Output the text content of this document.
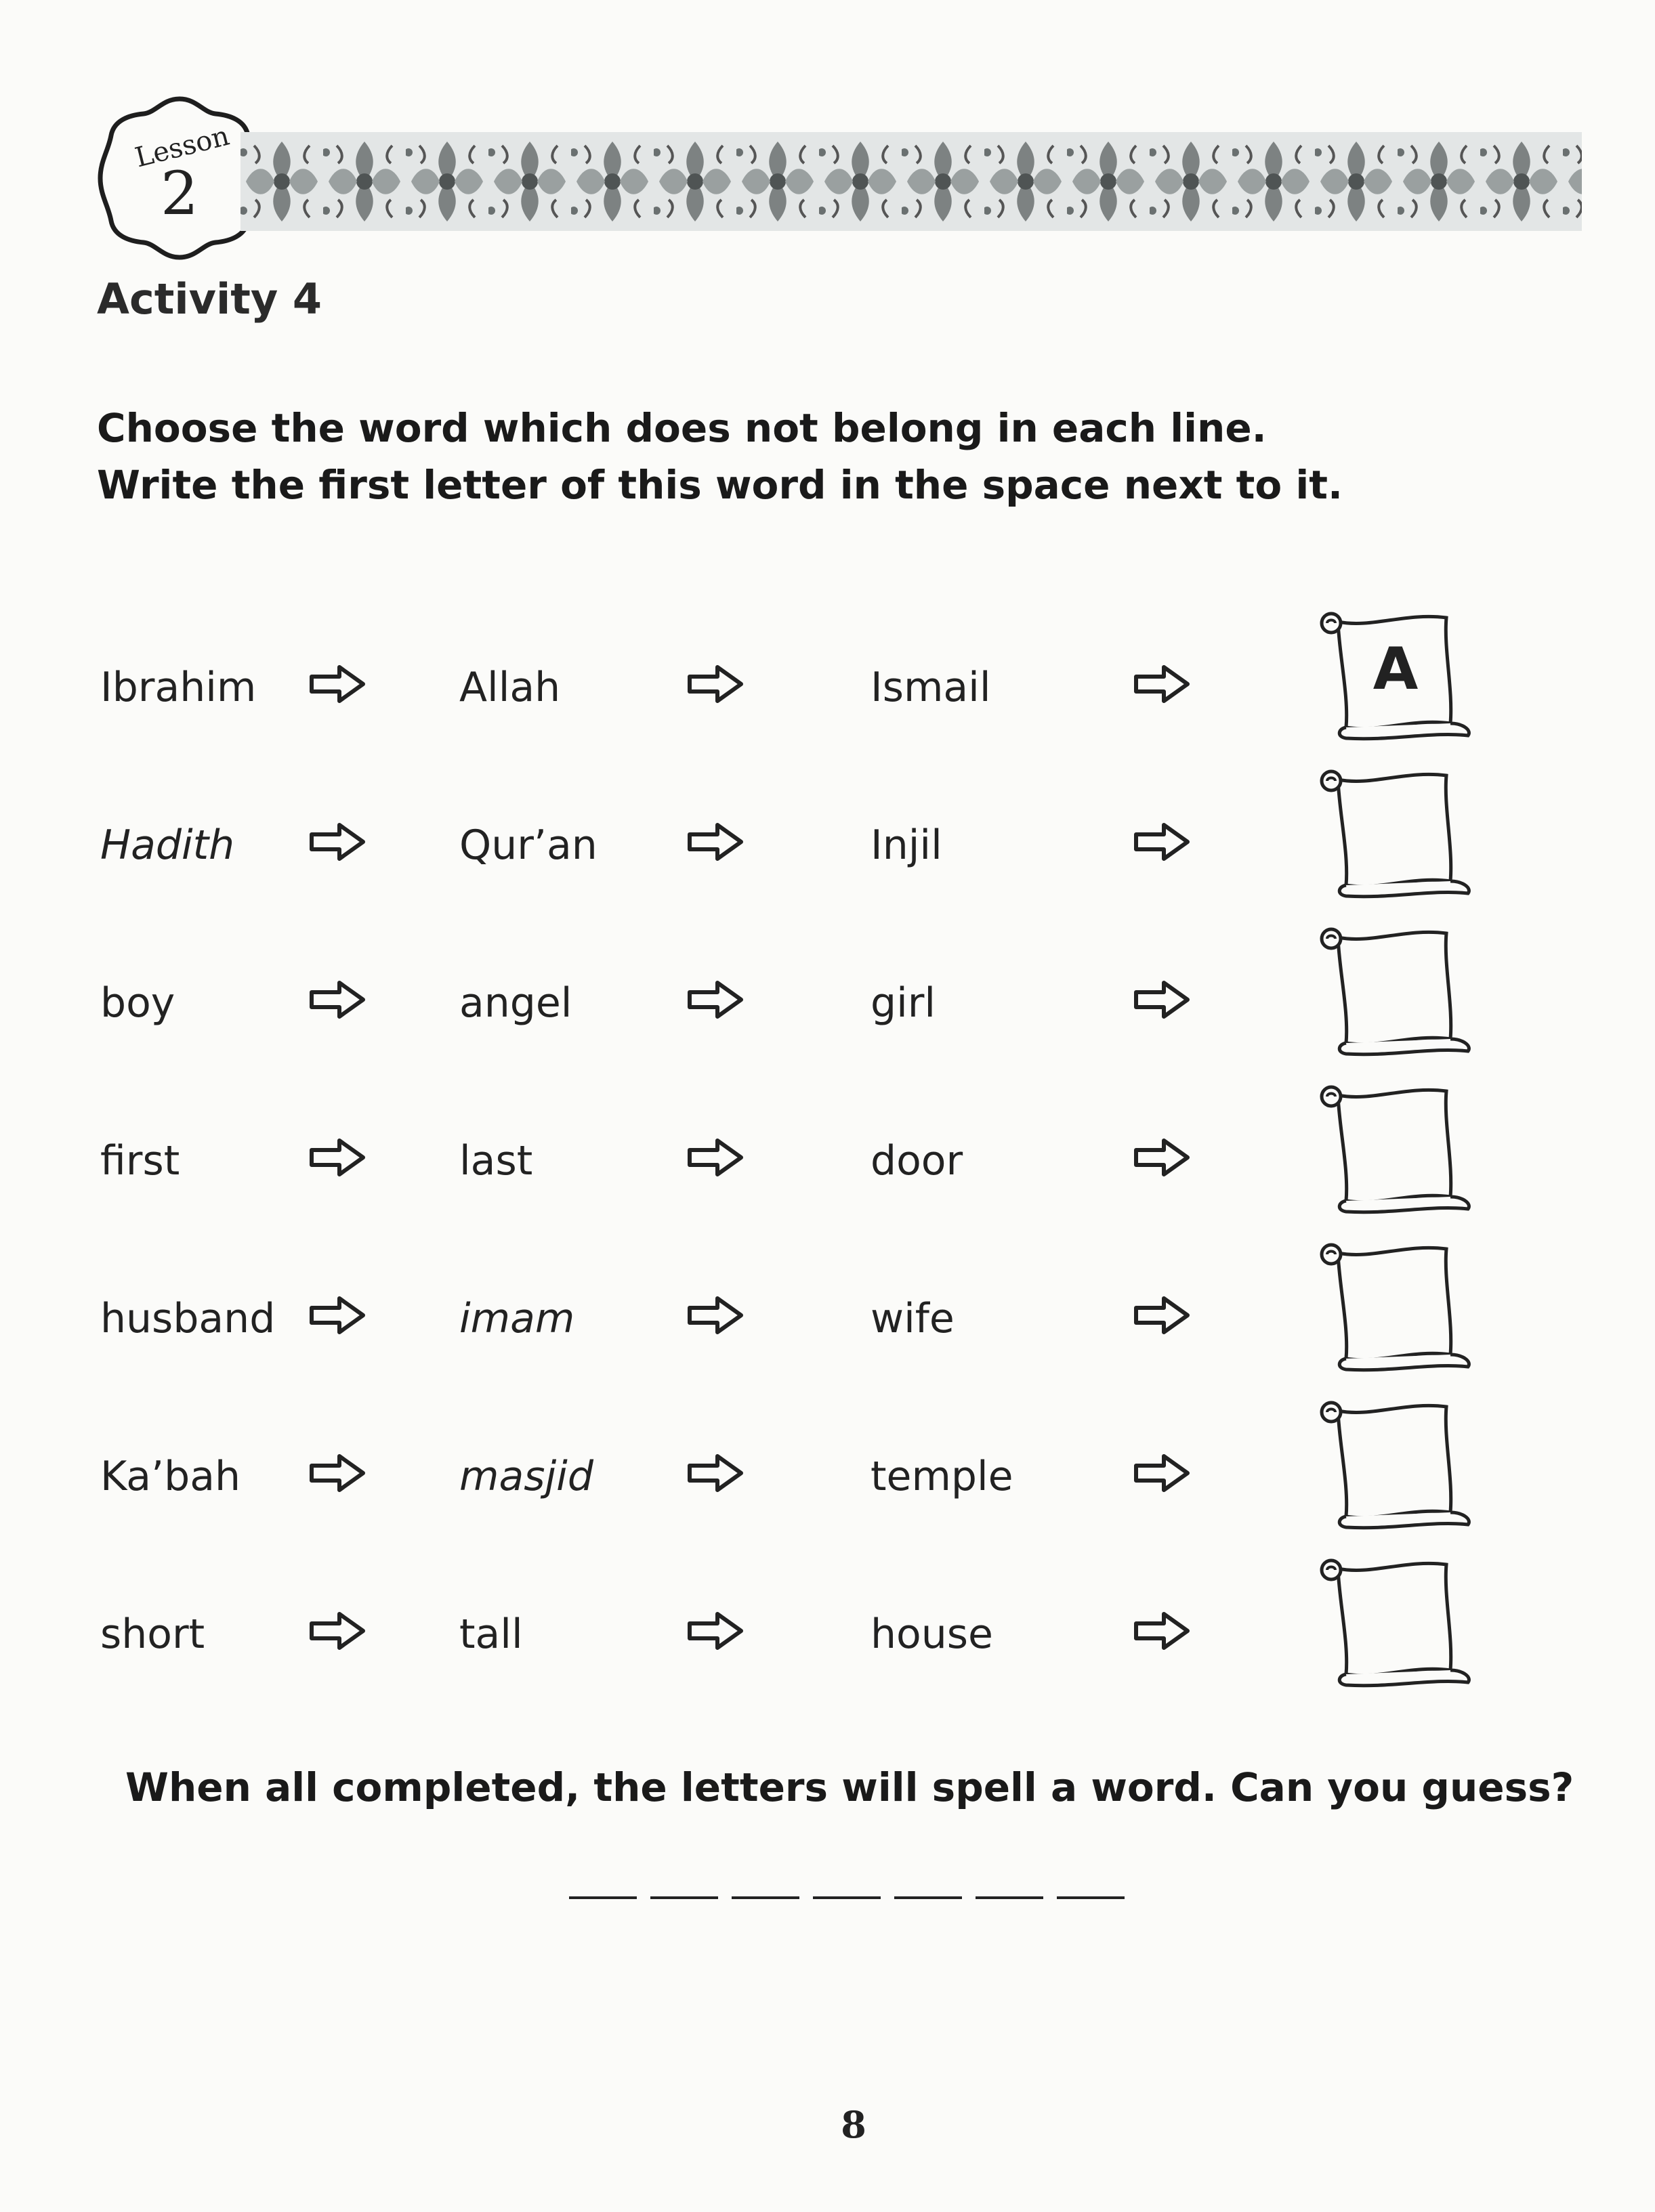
Lesson
2
Activity 4
Choose the word which does not belong in each line.
Write the first letter of this word in the space next to it.
Ibrahim	Allah	Ismail	A
Hadith	Qur’an	Injil
boy	angel	girl
first	last	door
husband	imam	wife
Ka’bah	masjid	temple
short	tall	house
When all completed, the letters will spell a word. Can you guess?
8
